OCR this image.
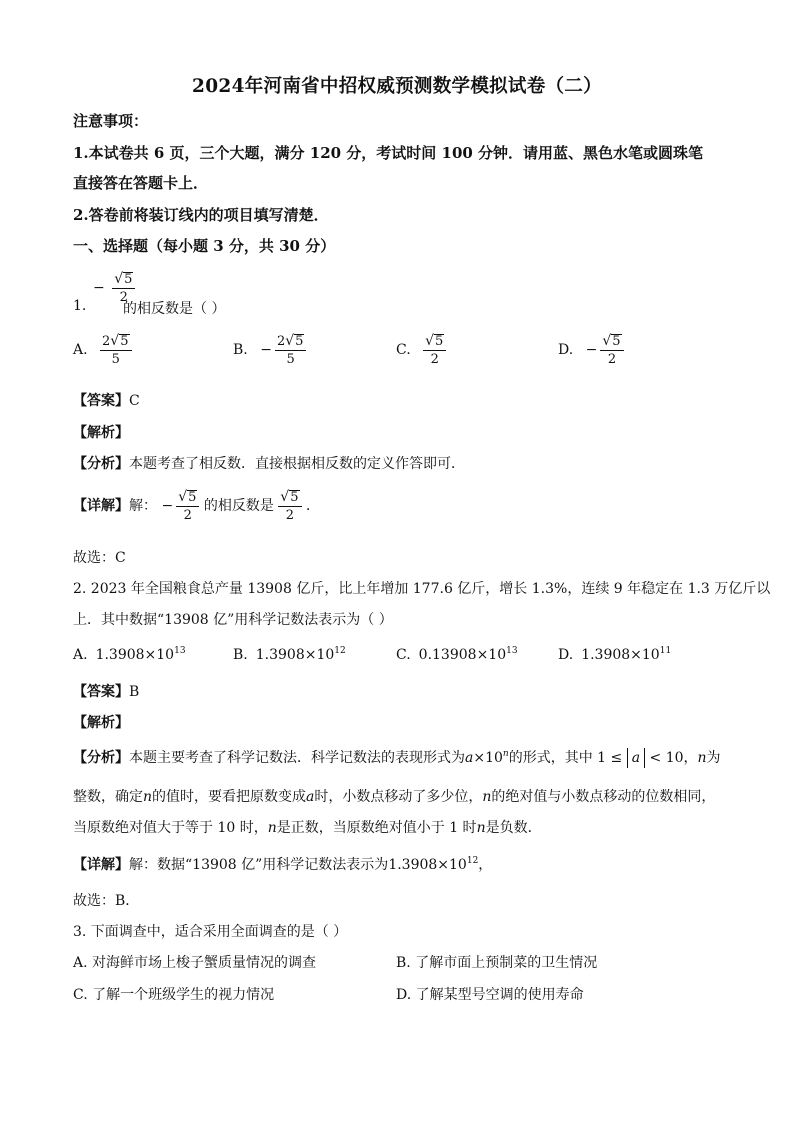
2024年河南省中招权威预测数学模拟试卷（二）
注意事项：
1.本试卷共 6 页，三个大题，满分 120 分，考试时间 100 分钟．请用蓝、黑色水笔或圆珠笔
直接答在答题卡上．
2.答卷前将装订线内的项目填写清楚．
一、选择题（每小题 3 分，共 30 分）
1.
− $\frac{√ 5}{2}$
的相反数是（ ）
A. $\frac{2 √ 5}{5}$	B. − $\frac{2 √ 5}{5}$	C. $\frac{√ 5}{2}$	D. − $\frac{√ 5}{2}$
【答案】C
【解析】
【分析】本题考查了相反数．直接根据相反数的定义作答即可．
【详解】解： − $\frac{√ 5}{2}$ 的相反数是 $\frac{√ 5}{2}$ ．
故选：C
2. 2023 年全国粮食总产量 13908 亿斤，比上年增加 177.6 亿斤，增长 1.3%，连续 9 年稳定在 1.3 万亿斤以
上．其中数据“13908 亿”用科学记数法表示为（ ）
A. $1.3908\times 10^{13}$	B. $1.3908\times 10^{12}$	C. $0.13908\times 10^{13}$	D. $1.3908\times 10^{11}$
【答案】B
【解析】
【分析】本题主要考查了科学记数法．科学记数法的表现形式为$a\times 10^n$的形式，其中 1 ≤ a < 10，n为
整数，确定n的值时，要看把原数变成a时，小数点移动了多少位，n的绝对值与小数点移动的位数相同，
当原数绝对值大于等于 10 时，n是正数，当原数绝对值小于 1 时n是负数．
【详解】解：数据“13908 亿”用科学记数法表示为$1.3908\times 10^{12}$，
故选：B．
3. 下面调查中，适合采用全面调查的是（ ）
A. 对海鲜市场上梭子蟹质量情况的调查	B. 了解市面上预制菜的卫生情况
C. 了解一个班级学生的视力情况	D. 了解某型号空调的使用寿命
